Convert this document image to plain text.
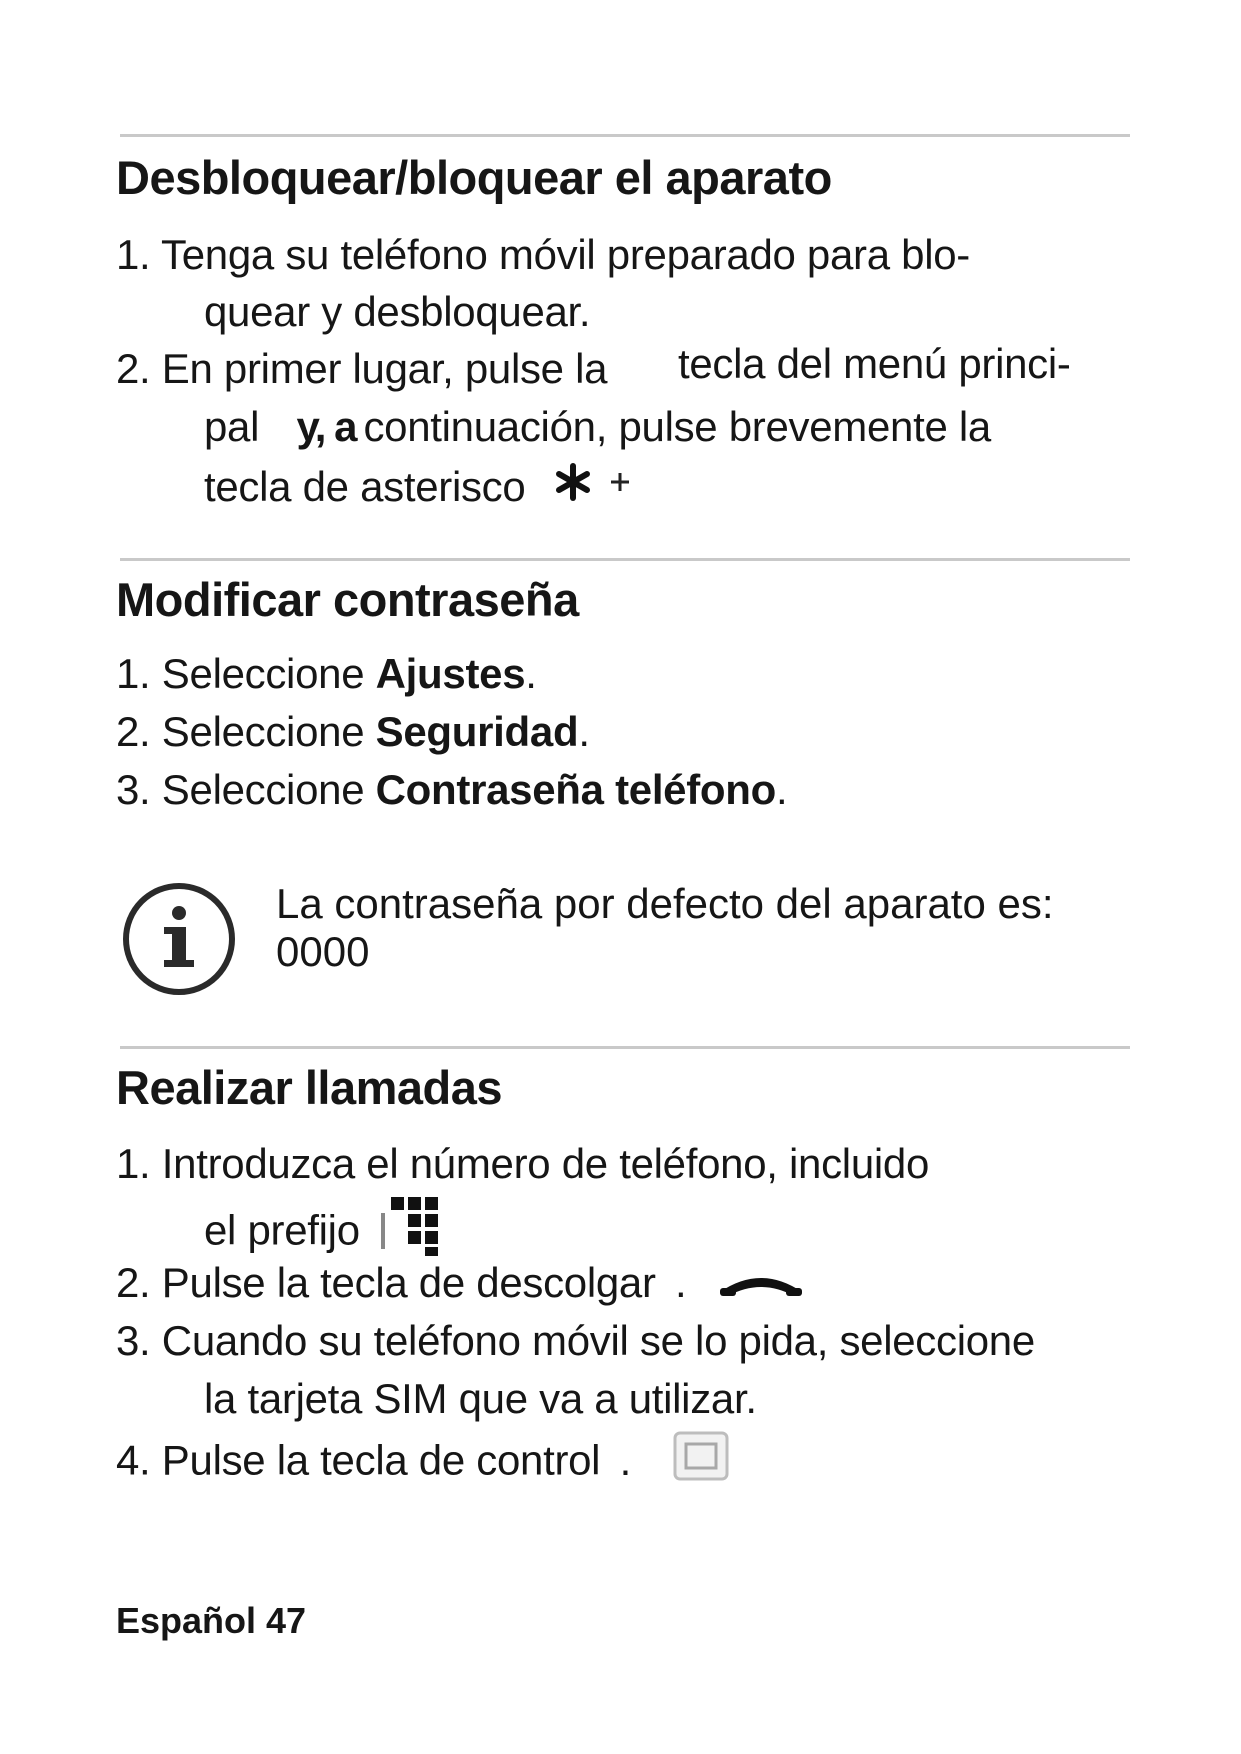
Desbloquear/bloquear el aparato
1. Tenga su teléfono móvil preparado para blo-
quear y desbloquear.
2. En primer lugar, pulse la tecla del menú princi-
pal y, a continuación, pulse brevemente la
tecla de asterisco
Modificar contraseña
1. Seleccione Ajustes.
2. Seleccione Seguridad.
3. Seleccione Contraseña teléfono.
La contraseña por defecto del aparato es:
0000
Realizar llamadas
1. Introduzca el número de teléfono, incluido
el prefijo
2. Pulse la tecla de descolgar .
3. Cuando su teléfono móvil se lo pida, seleccione
la tarjeta SIM que va a utilizar.
4. Pulse la tecla de control .
Español 47
